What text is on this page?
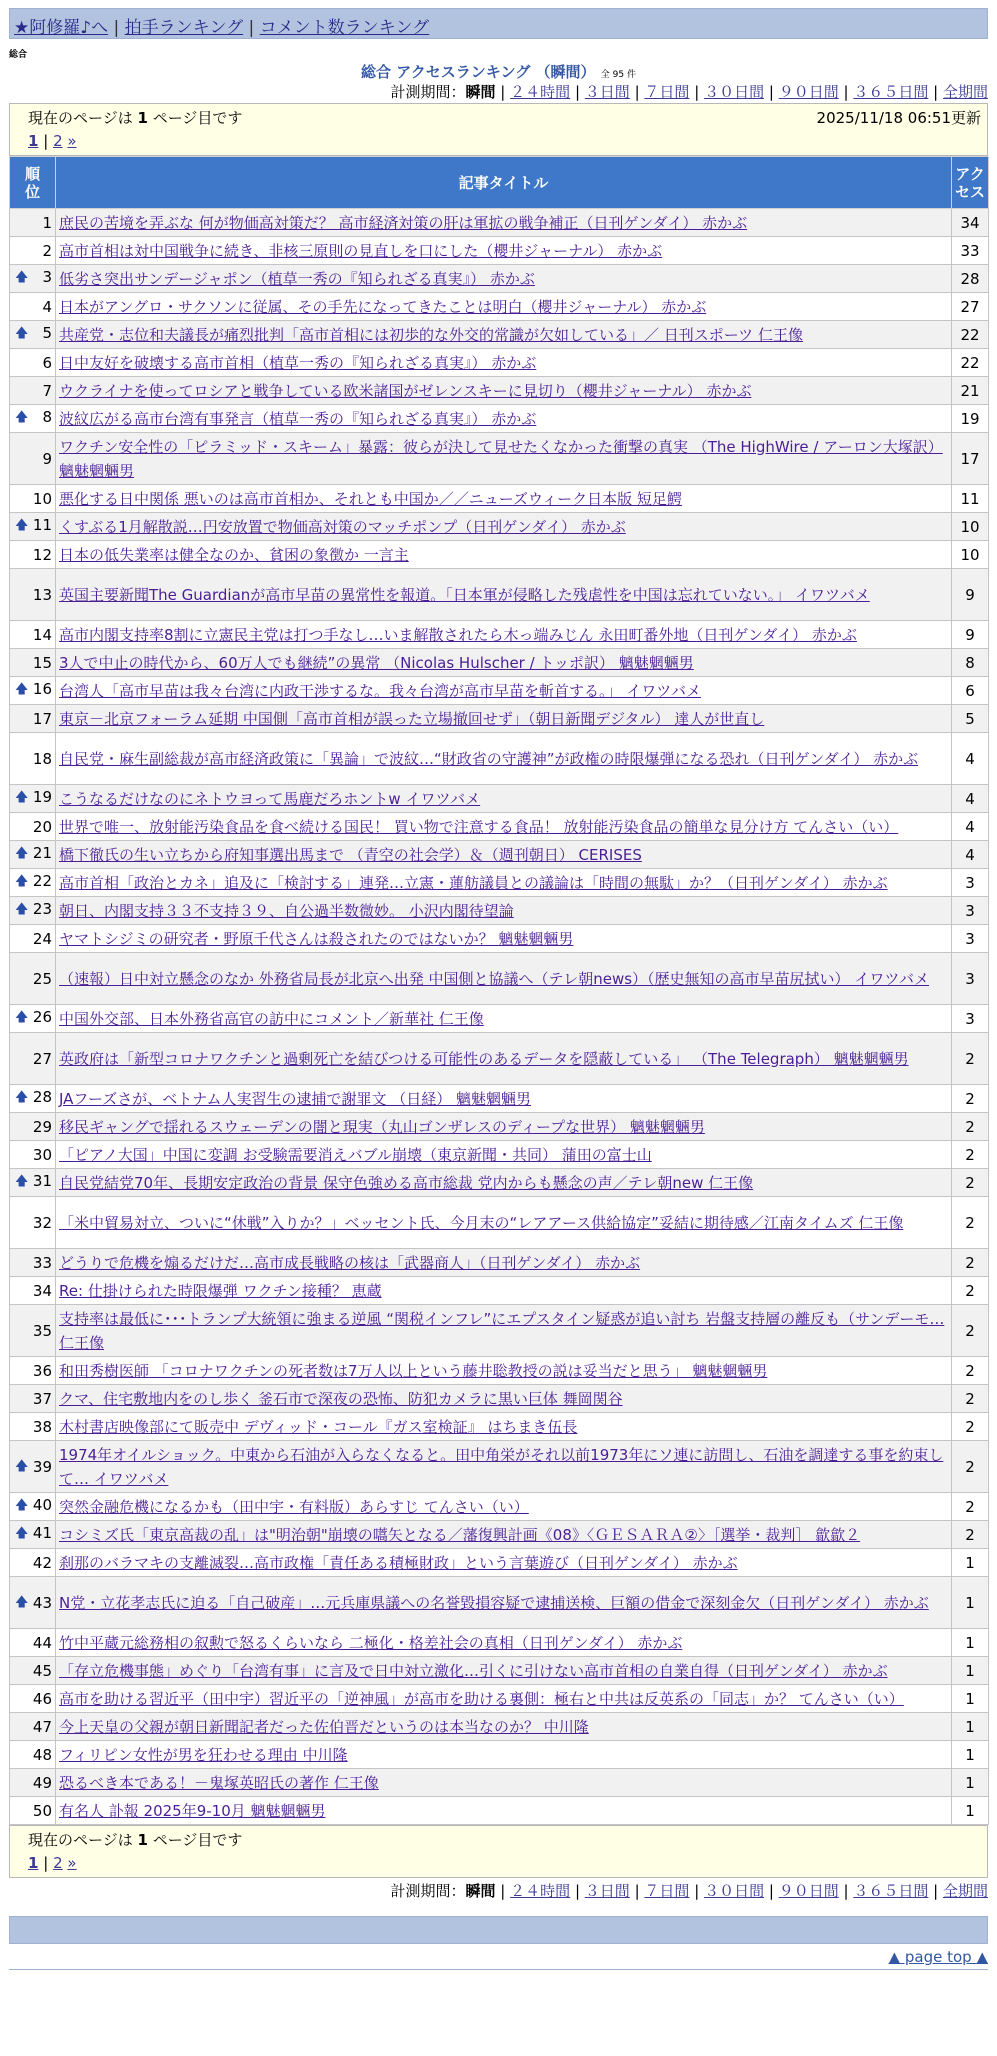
★阿修羅♪へ | 拍手ランキング | コメント数ランキング
総合
総合 アクセスランキング （瞬間） 全 95 件
計測期間：瞬間 | ２４時間 | ３日間 | ７日間 | ３０日間 | ９０日間 | ３６５日間 | 全期間
現在のページは 1 ページ目です	2025/11/18 06:51更新
1 | 2 »
順
位	記事タイトル	アク
セス
1	庶民の苦境を弄ぶな 何が物価高対策だ？ 高市経済対策の肝は軍拡の戦争補正（日刊ゲンダイ） 赤かぶ	34
2	高市首相は対中国戦争に続き、非核三原則の見直しを口にした（櫻井ジャーナル） 赤かぶ	33

🡅 3	低劣さ突出サンデージャポン（植草一秀の『知られざる真実』） 赤かぶ	28
4	日本がアングロ・サクソンに従属、その手先になってきたことは明白（櫻井ジャーナル） 赤かぶ	27

🡅 5	共産党・志位和夫議長が痛烈批判「高市首相には初歩的な外交的常識が欠如している」／ 日刊スポーツ 仁王像	22
6	日中友好を破壊する高市首相（植草一秀の『知られざる真実』） 赤かぶ	22
7	ウクライナを使ってロシアと戦争している欧米諸国がゼレンスキーに見切り（櫻井ジャーナル） 赤かぶ	21

🡅 8	波紋広がる高市台湾有事発言（植草一秀の『知られざる真実』） 赤かぶ	19
9	ワクチン安全性の「ピラミッド・スキーム」暴露：彼らが決して見せたくなかった衝撃の真実 （The HighWire / アーロン大塚訳） 魑魅魍魎男	17
10	悪化する日中関係 悪いのは高市首相か、それとも中国か／／ニューズウィーク日本版 短足鰐	11

🡅 11	くすぶる1月解散説…円安放置で物価高対策のマッチポンプ（日刊ゲンダイ） 赤かぶ	10
12	日本の低失業率は健全なのか、貧困の象徴か 一言主	10
13	英国主要新聞The Guardianが高市早苗の異常性を報道。「日本軍が侵略した残虐性を中国は忘れていない。」 イワツバメ	9
14	高市内閣支持率8割に立憲民主党は打つ手なし…いま解散されたら木っ端みじん 永田町番外地（日刊ゲンダイ） 赤かぶ	9
15	3人で中止の時代から、60万人でも継続”の異常 （Nicolas Hulscher / トッポ訳） 魑魅魍魎男	8

🡅 16	台湾人「高市早苗は我々台湾に内政干渉するな。我々台湾が高市早苗を斬首する。」 イワツバメ	6
17	東京－北京フォーラム延期 中国側「高市首相が誤った立場撤回せず」（朝日新聞デジタル） 達人が世直し	5
18	自民党・麻生副総裁が高市経済政策に「異論」で波紋…“財政省の守護神”が政権の時限爆弾になる恐れ（日刊ゲンダイ） 赤かぶ	4

🡅 19	こうなるだけなのにネトウヨって馬鹿だろホントw イワツバメ	4
20	世界で唯一、放射能汚染食品を食べ続ける国民！ 買い物で注意する食品！ 放射能汚染食品の簡単な見分け方 てんさい（い）	4

🡅 21	橋下徹氏の生い立ちから府知事選出馬まで （青空の社会学）＆（週刊朝日） CERISES	4

🡅 22	高市首相「政治とカネ」追及に「検討する」連発…立憲・蓮舫議員との議論は「時間の無駄」か？（日刊ゲンダイ） 赤かぶ	3

🡅 23	朝日、内閣支持３３不支持３９、自公過半数微妙。 小沢内閣待望論	3
24	ヤマトシジミの研究者・野原千代さんは殺されたのではないか？ 魑魅魍魎男	3
25	（速報）日中対立懸念のなか 外務省局長が北京へ出発 中国側と協議へ（テレ朝news）（歴史無知の高市早苗尻拭い） イワツバメ	3

🡅 26	中国外交部、日本外務省高官の訪中にコメント／新華社 仁王像	3
27	英政府は「新型コロナワクチンと過剰死亡を結びつける可能性のあるデータを隠蔽している」 （The Telegraph） 魑魅魍魎男	2

🡅 28	JAフーズさが、ベトナム人実習生の逮捕で謝罪文 （日経） 魑魅魍魎男	2
29	移民ギャングで揺れるスウェーデンの闇と現実（丸山ゴンザレスのディープな世界） 魑魅魍魎男	2
30	「ピアノ大国」中国に変調 お受験需要消えバブル崩壊（東京新聞・共同） 蒲田の富士山	2

🡅 31	自民党結党70年、長期安定政治の背景 保守色強める高市総裁 党内からも懸念の声／テレ朝new 仁王像	2
32	「米中貿易対立、ついに“休戦”入りか？」ベッセント氏、今月末の“レアアース供給協定”妥結に期待感／江南タイムズ 仁王像	2
33	どうりで危機を煽るだけだ…高市成長戦略の核は「武器商人」（日刊ゲンダイ） 赤かぶ	2
34	Re: 仕掛けられた時限爆弾 ワクチン接種？ 恵蔵	2
35	支持率は最低に･･･トランプ大統領に強まる逆風 “関税インフレ”にエプスタイン疑惑が追い討ち 岩盤支持層の離反も（サンデーモ… 仁王像	2
36	和田秀樹医師 「コロナワクチンの死者数は7万人以上という藤井聡教授の説は妥当だと思う」 魑魅魍魎男	2
37	クマ、住宅敷地内をのし歩く 釜石市で深夜の恐怖、防犯カメラに黒い巨体 舞岡関谷	2
38	木村書店映像部にて販売中 デヴィッド・コール『ガス室検証』 はちまき伍長	2

🡅 39	1974年オイルショック。中東から石油が入らなくなると。田中角栄がそれ以前1973年にソ連に訪問し、石油を調達する事を約束して… イワツバメ	2

🡅 40	突然金融危機になるかも（田中宇・有料版）あらすじ てんさい（い）	2

🡅 41	コシミズ氏「東京高裁の乱」は"明治朝"崩壊の嚆矢となる／藩復興計画《08》〈ＧＥＳＡＲＡ②〉［選挙・裁判］ 歙歙２	2
42	刹那のバラマキの支離滅裂…高市政権「責任ある積極財政」という言葉遊び（日刊ゲンダイ） 赤かぶ	1

🡅 43	N党・立花孝志氏に迫る「自己破産」…元兵庫県議への名誉毀損容疑で逮捕送検、巨額の借金で深刻金欠（日刊ゲンダイ） 赤かぶ	1
44	竹中平蔵元総務相の叙勲で怒るくらいなら 二極化・格差社会の真相（日刊ゲンダイ） 赤かぶ	1
45	「存立危機事態」めぐり「台湾有事」に言及で日中対立激化…引くに引けない高市首相の自業自得（日刊ゲンダイ） 赤かぶ	1
46	高市を助ける習近平（田中宇）習近平の「逆神風」が高市を助ける裏側：極右と中共は反英系の「同志」か？ てんさい（い）	1
47	今上天皇の父親が朝日新聞記者だった佐伯晋だというのは本当なのか？ 中川隆	1
48	フィリピン女性が男を狂わせる理由 中川隆	1
49	恐るべき本である！－鬼塚英昭氏の著作 仁王像	1
50	有名人 訃報 2025年9-10月 魑魅魍魎男	1
現在のページは 1 ページ目です
1 | 2 »
計測期間：瞬間 | ２４時間 | ３日間 | ７日間 | ３０日間 | ９０日間 | ３６５日間 | 全期間
▲ page top ▲
